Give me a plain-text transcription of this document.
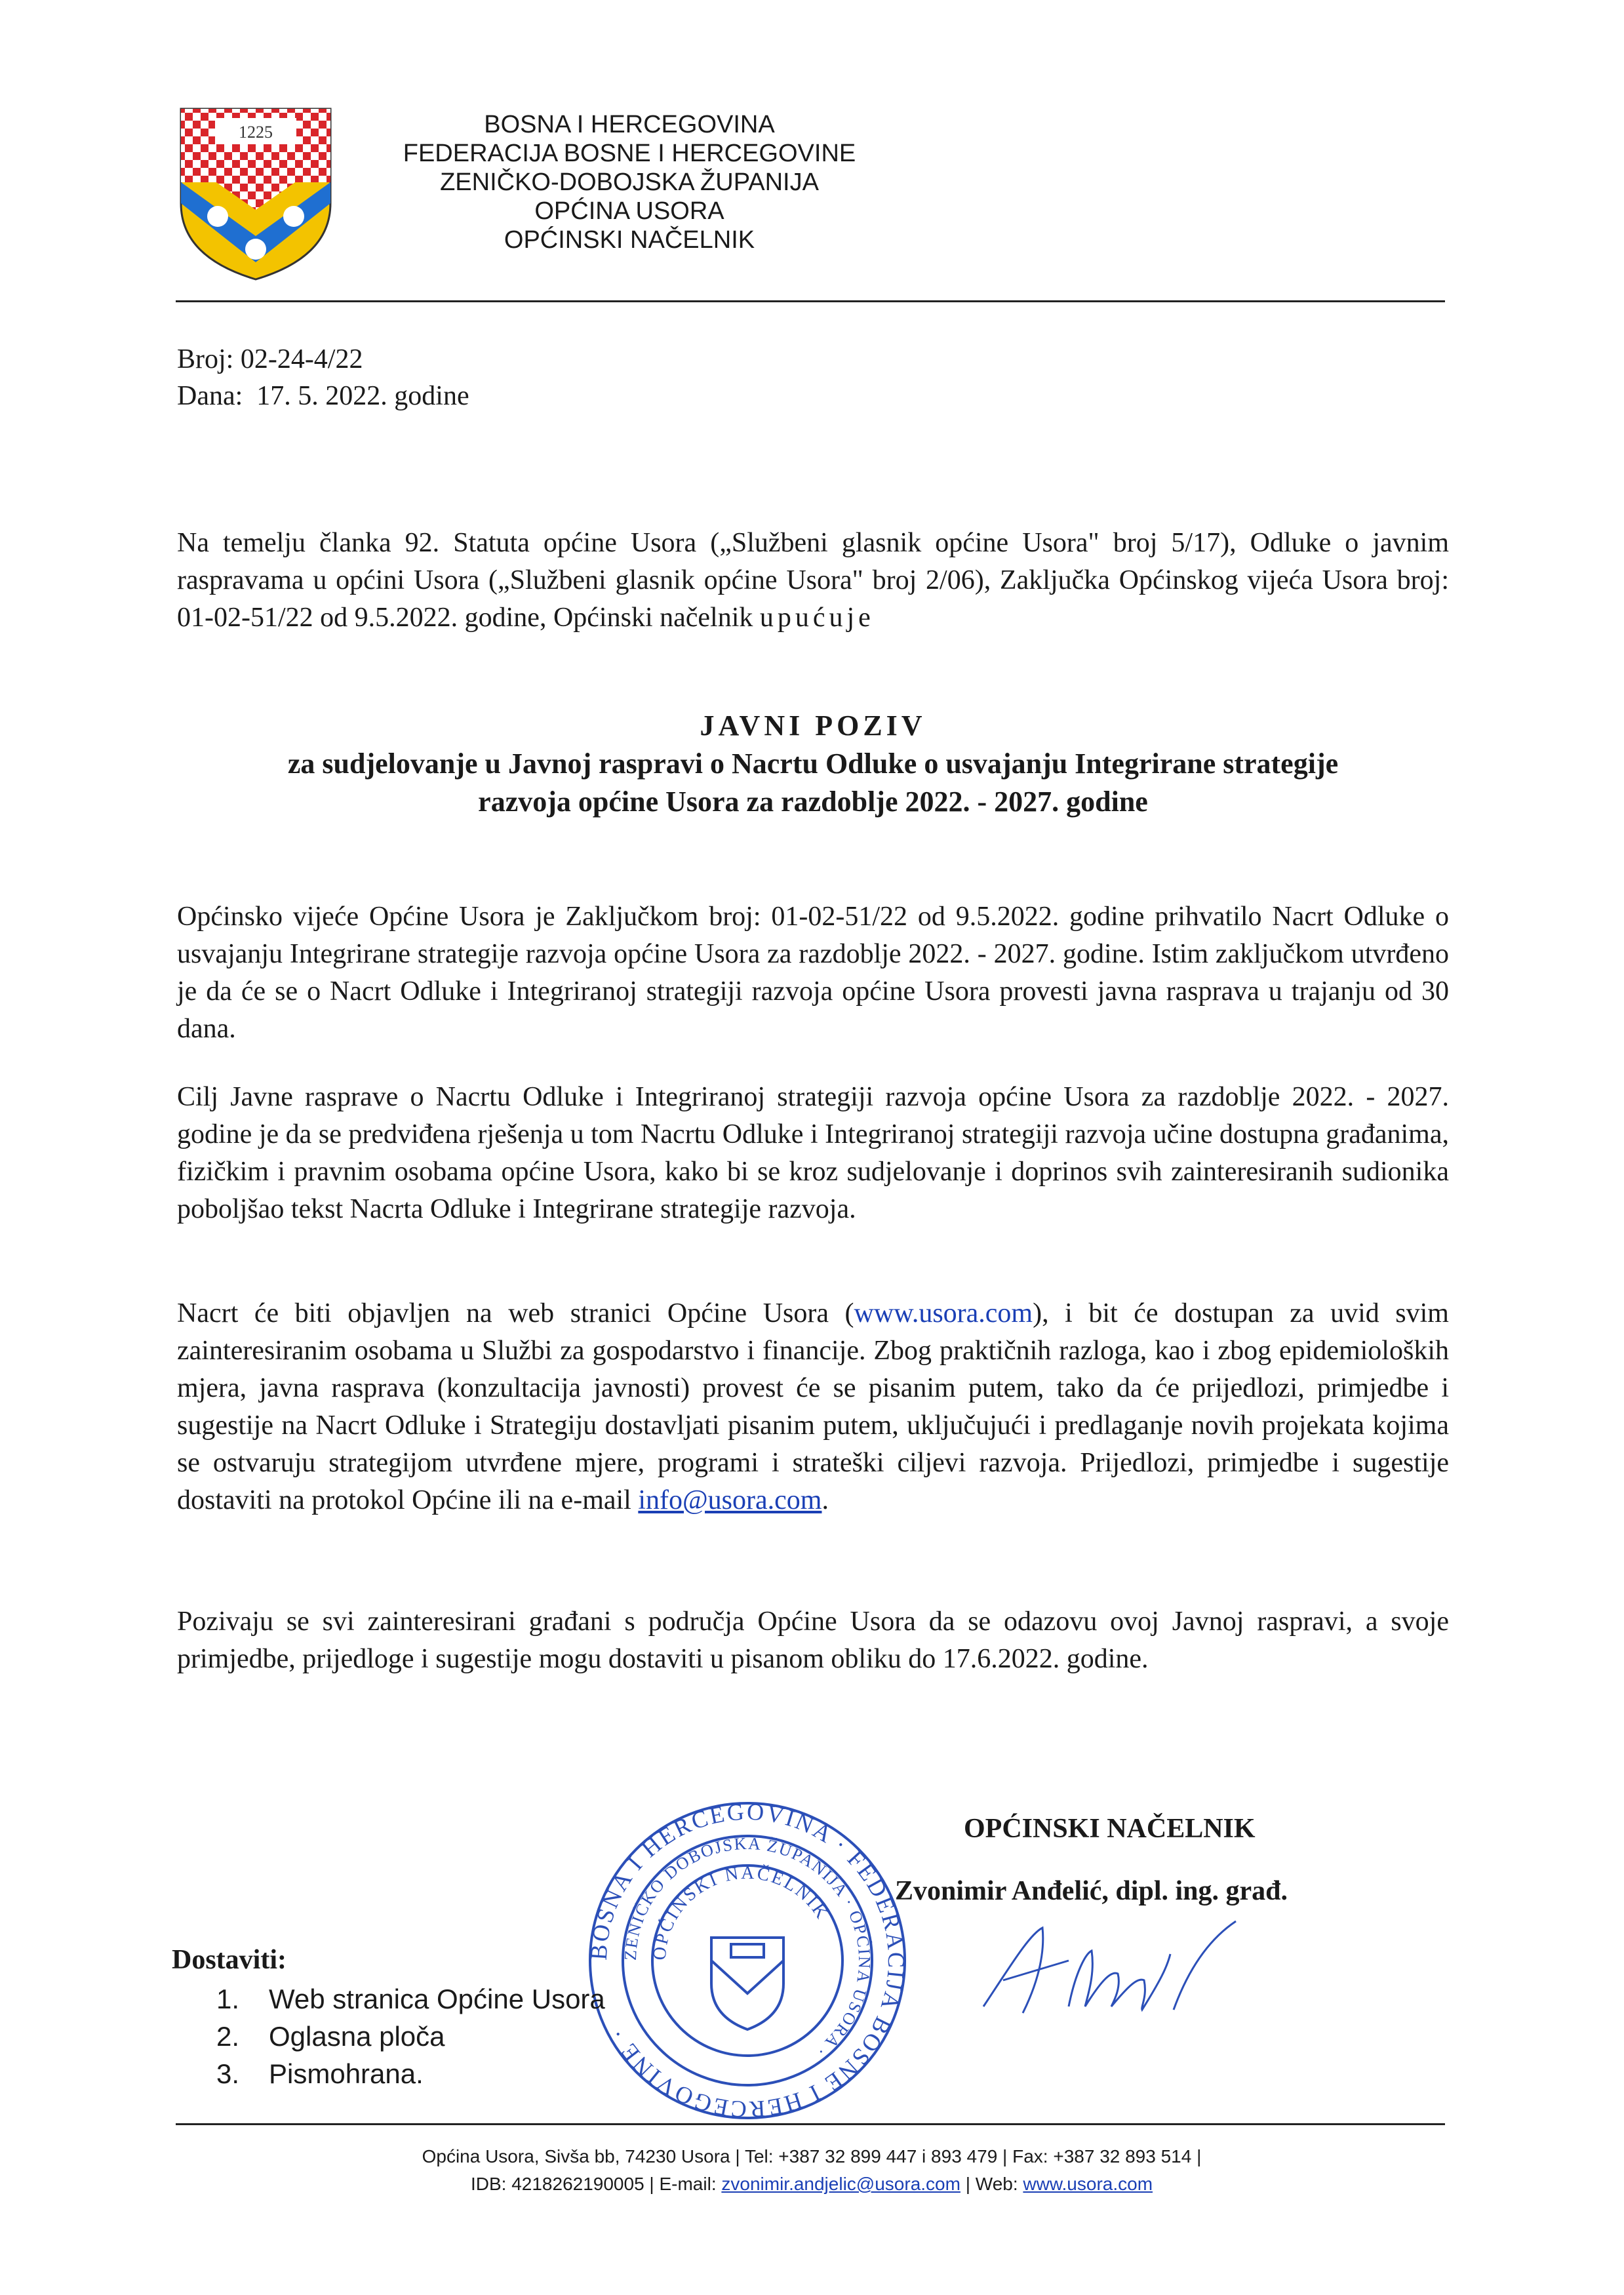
1225	BOSNA I HERCEGOVINA
FEDERACIJA BOSNE I HERCEGOVINE
ZENIČKO-DOBOJSKA ŽUPANIJA
OPĆINA USORA
OPĆINSKI NAČELNIK
Broj: 02-24-4/22
Dana:  17. 5. 2022. godine
Na temelju članka 92. Statuta općine Usora („Službeni glasnik općine Usora" broj 5/17), Odluke o javnim raspravama u općini Usora („Službeni glasnik općine Usora" broj 2/06), Zaključka Općinskog vijeća Usora broj: 01-02-51/22 od 9.5.2022. godine, Općinski načelnik upućuje
JAVNI POZIV
za sudjelovanje u Javnoj raspravi o Nacrtu Odluke o usvajanju Integrirane strategije
razvoja općine Usora za razdoblje 2022. - 2027. godine
Općinsko vijeće Općine Usora je Zaključkom broj: 01-02-51/22 od 9.5.2022. godine prihvatilo Nacrt Odluke o usvajanju Integrirane strategije razvoja općine Usora za razdoblje 2022. - 2027. godine. Istim zaključkom utvrđeno je da će se o Nacrt Odluke i Integriranoj strategiji razvoja općine Usora provesti javna rasprava u trajanju od 30 dana.
Cilj Javne rasprave o Nacrtu Odluke i Integriranoj strategiji razvoja općine Usora za razdoblje 2022. - 2027. godine je da se predviđena rješenja u tom Nacrtu Odluke i Integriranoj strategiji razvoja učine dostupna građanima, fizičkim i pravnim osobama općine Usora, kako bi se kroz sudjelovanje i doprinos svih zainteresiranih sudionika poboljšao tekst Nacrta Odluke i Integrirane strategije razvoja.
Nacrt će biti objavljen na web stranici Općine Usora (www.usora.com), i bit će dostupan za uvid svim zainteresiranim osobama u Službi za gospodarstvo i financije. Zbog praktičnih razloga, kao i zbog epidemioloških mjera, javna rasprava (konzultacija javnosti) provest će se pisanim putem, tako da će prijedlozi, primjedbe i sugestije na Nacrt Odluke i Strategiju dostavljati pisanim putem, uključujući i predlaganje novih projekata kojima se ostvaruju strategijom utvrđene mjere, programi i strateški ciljevi razvoja. Prijedlozi, primjedbe i sugestije dostaviti na protokol Općine ili na e-mail info@usora.com.
Pozivaju se svi zainteresirani građani s područja Općine Usora da se odazovu ovoj Javnoj raspravi, a svoje primjedbe, prijedloge i sugestije mogu dostaviti u pisanom obliku do 17.6.2022. godine.
BOSNA I HERCEGOVINA · FEDERACIJA BOSNE I HERCEGOVINE ·
ZENIČKO DOBOJSKA ŽUPANIJA · OPĆINA USORA ·
OPĆINSKI NAČELNIK
OPĆINSKI NAČELNIK
Zvonimir Anđelić, dipl. ing. građ.
Dostaviti:
1. Web stranica Općine Usora
2. Oglasna ploča
3. Pismohrana.
Općina Usora, Sivša bb, 74230 Usora | Tel: +387 32 899 447 i 893 479 | Fax: +387 32 893 514 |
IDB: 4218262190005 | E-mail: zvonimir.andjelic@usora.com | Web: www.usora.com
